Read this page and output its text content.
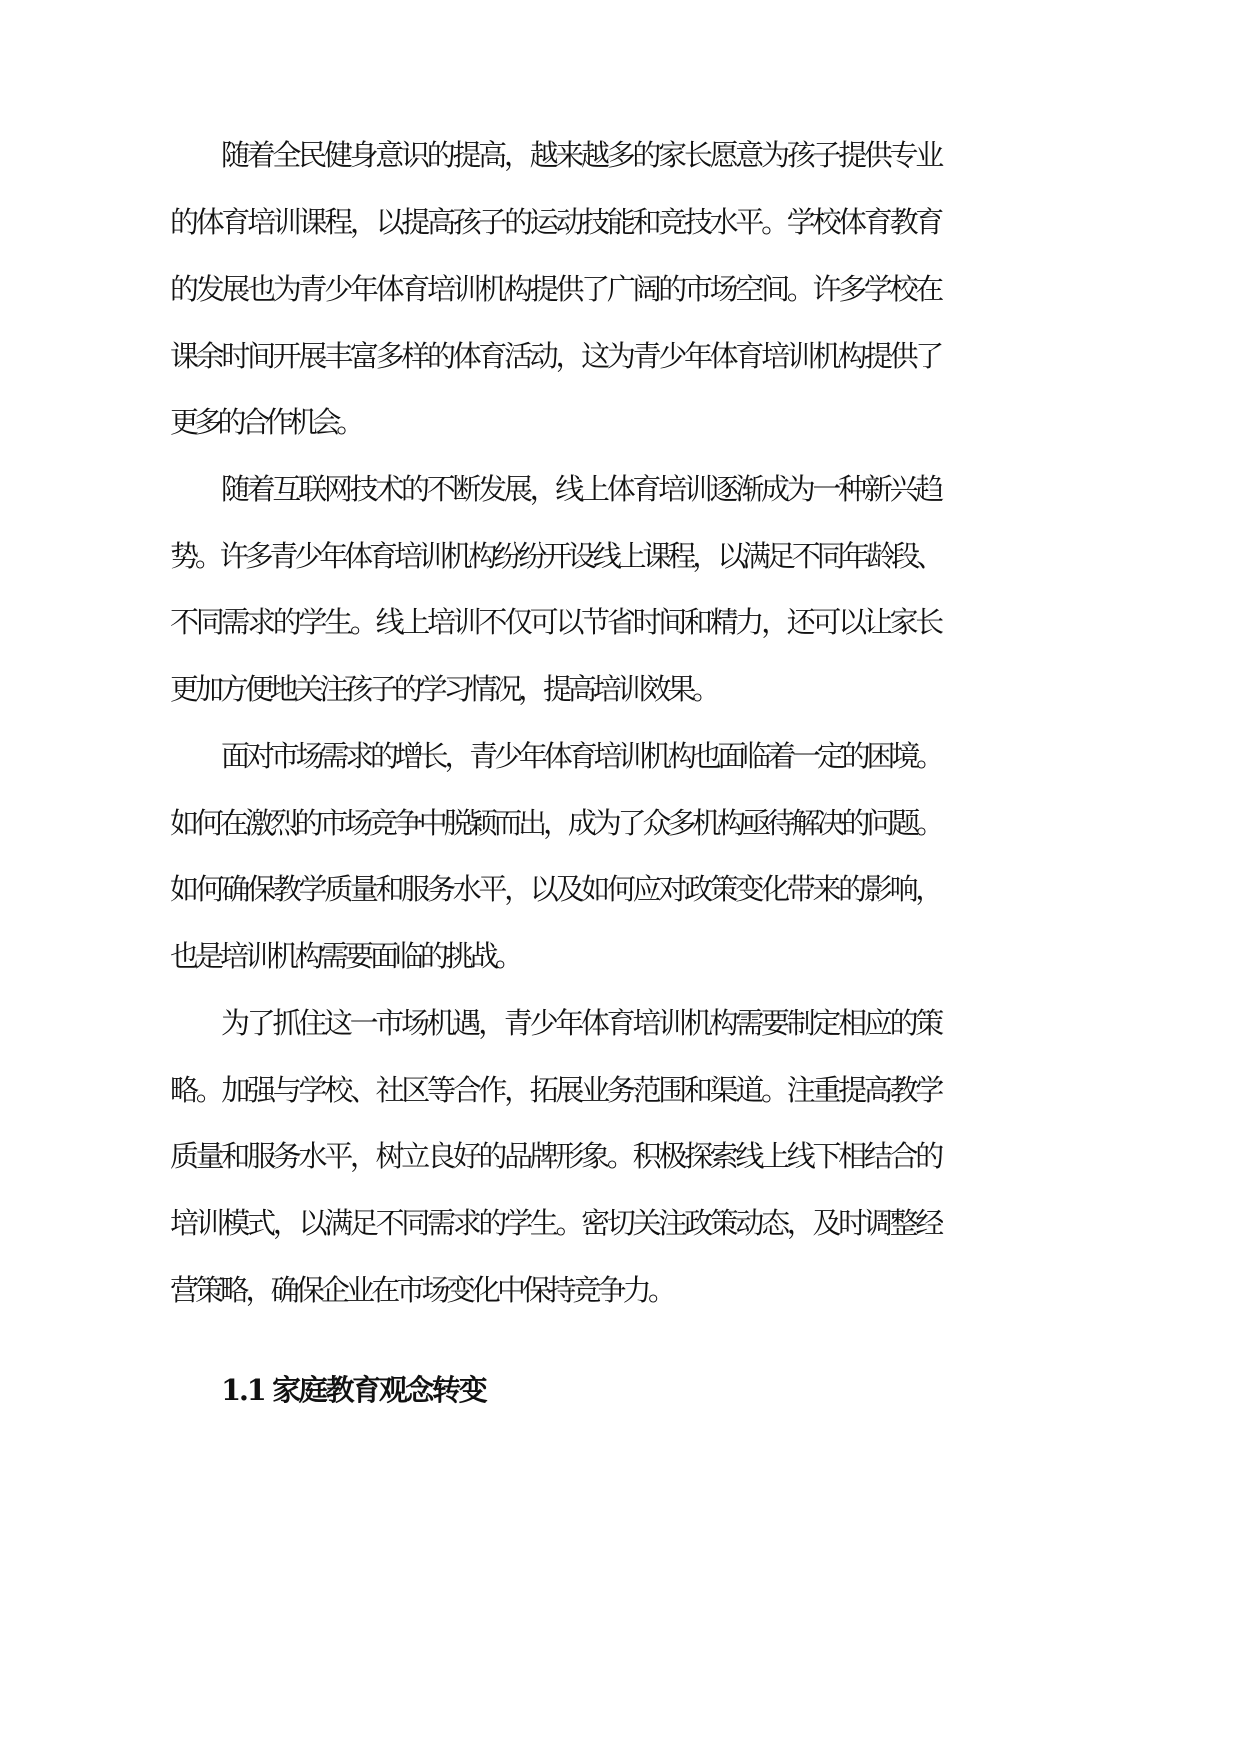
随着全民健身意识的提高，越来越多的家长愿意为孩子提供专业

的体育培训课程，以提高孩子的运动技能和竞技水平。学校体育教育

的发展也为青少年体育培训机构提供了广阔的市场空间。许多学校在

课余时间开展丰富多样的体育活动，这为青少年体育培训机构提供了

更多的合作机会。

随着互联网技术的不断发展，线上体育培训逐渐成为一种新兴趋

势。许多青少年体育培训机构纷纷开设线上课程，以满足不同年龄段、

不同需求的学生。线上培训不仅可以节省时间和精力，还可以让家长

更加方便地关注孩子的学习情况，提高培训效果。

面对市场需求的增长，青少年体育培训机构也面临着一定的困境。

如何在激烈的市场竞争中脱颖而出，成为了众多机构亟待解决的问题。

如何确保教学质量和服务水平，以及如何应对政策变化带来的影响，

也是培训机构需要面临的挑战。

为了抓住这一市场机遇，青少年体育培训机构需要制定相应的策

略。加强与学校、社区等合作，拓展业务范围和渠道。注重提高教学

质量和服务水平，树立良好的品牌形象。积极探索线上线下相结合的

培训模式，以满足不同需求的学生。密切关注政策动态，及时调整经

营策略，确保企业在市场变化中保持竞争力。

1.1 家庭教育观念转变
